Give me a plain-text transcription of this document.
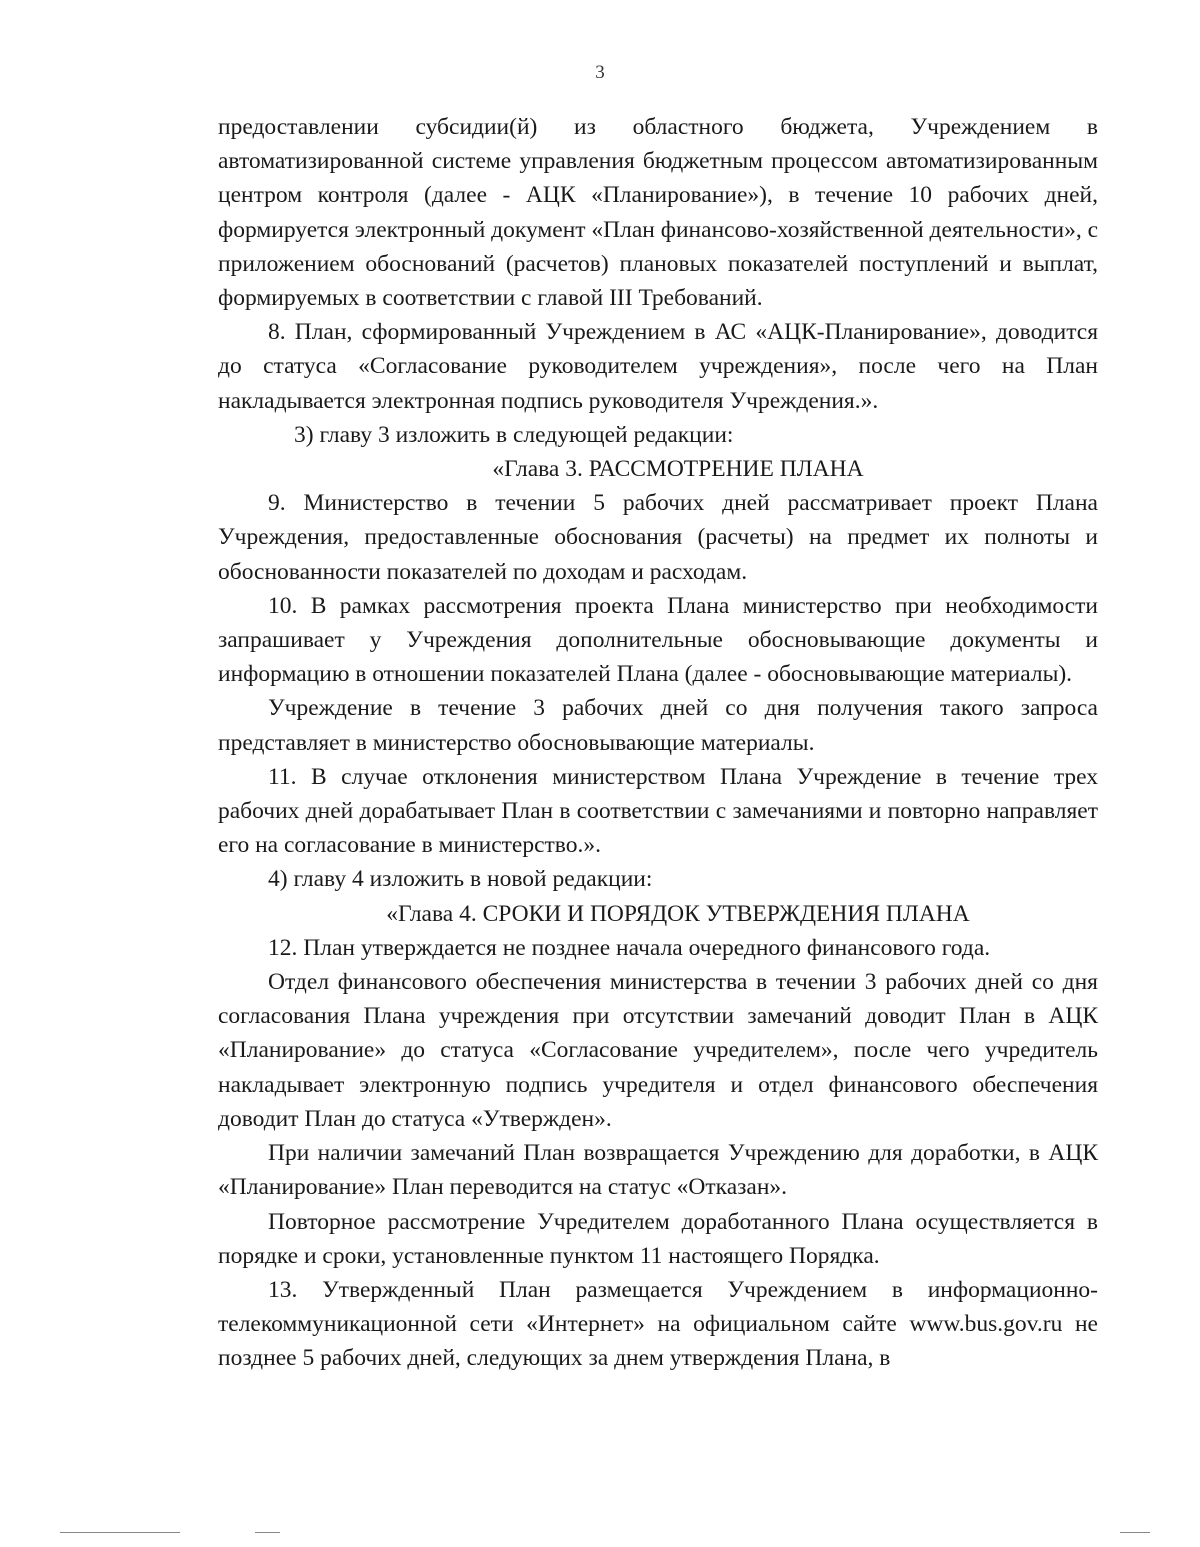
3

предоставлении субсидии(й) из областного бюджета, Учреждением в автоматизированной системе управления бюджетным процессом автоматизированным центром контроля (далее - АЦК «Планирование»), в течение 10 рабочих дней, формируется электронный документ «План финансово-хозяйственной деятельности», с приложением обоснований (расчетов) плановых показателей поступлений и выплат, формируемых в соответствии с главой III Требований.

8. План, сформированный Учреждением в АС «АЦК-Планирование», доводится до статуса «Согласование руководителем учреждения», после чего на План накладывается электронная подпись руководителя Учреждения.».

3) главу 3 изложить в следующей редакции:

«Глава 3. РАССМОТРЕНИЕ ПЛАНА

9. Министерство в течении 5 рабочих дней рассматривает проект Плана Учреждения, предоставленные обоснования (расчеты) на предмет их полноты и обоснованности показателей по доходам и расходам.

10. В рамках рассмотрения проекта Плана министерство при необходимости запрашивает у Учреждения дополнительные обосновывающие документы и информацию в отношении показателей Плана (далее - обосновывающие материалы).

Учреждение в течение 3 рабочих дней со дня получения такого запроса представляет в министерство обосновывающие материалы.

11. В случае отклонения министерством Плана Учреждение в течение трех рабочих дней дорабатывает План в соответствии с замечаниями и повторно направляет его на согласование в министерство.».

4) главу 4 изложить в новой редакции:

«Глава 4. СРОКИ И ПОРЯДОК УТВЕРЖДЕНИЯ ПЛАНА

12. План утверждается не позднее начала очередного финансового года.

Отдел финансового обеспечения министерства в течении 3 рабочих дней со дня согласования Плана учреждения при отсутствии замечаний доводит План в АЦК «Планирование» до статуса «Согласование учредителем», после чего учредитель накладывает электронную подпись учредителя и отдел финансового обеспечения доводит План до статуса «Утвержден».

При наличии замечаний План возвращается Учреждению для доработки, в АЦК «Планирование» План переводится на статус «Отказан».

Повторное рассмотрение Учредителем доработанного Плана осуществляется в порядке и сроки, установленные пунктом 11 настоящего Порядка.

13. Утвержденный План размещается Учреждением в информационно-телекоммуникационной сети «Интернет» на официальном сайте www.bus.gov.ru не позднее 5 рабочих дней, следующих за днем утверждения Плана, в
